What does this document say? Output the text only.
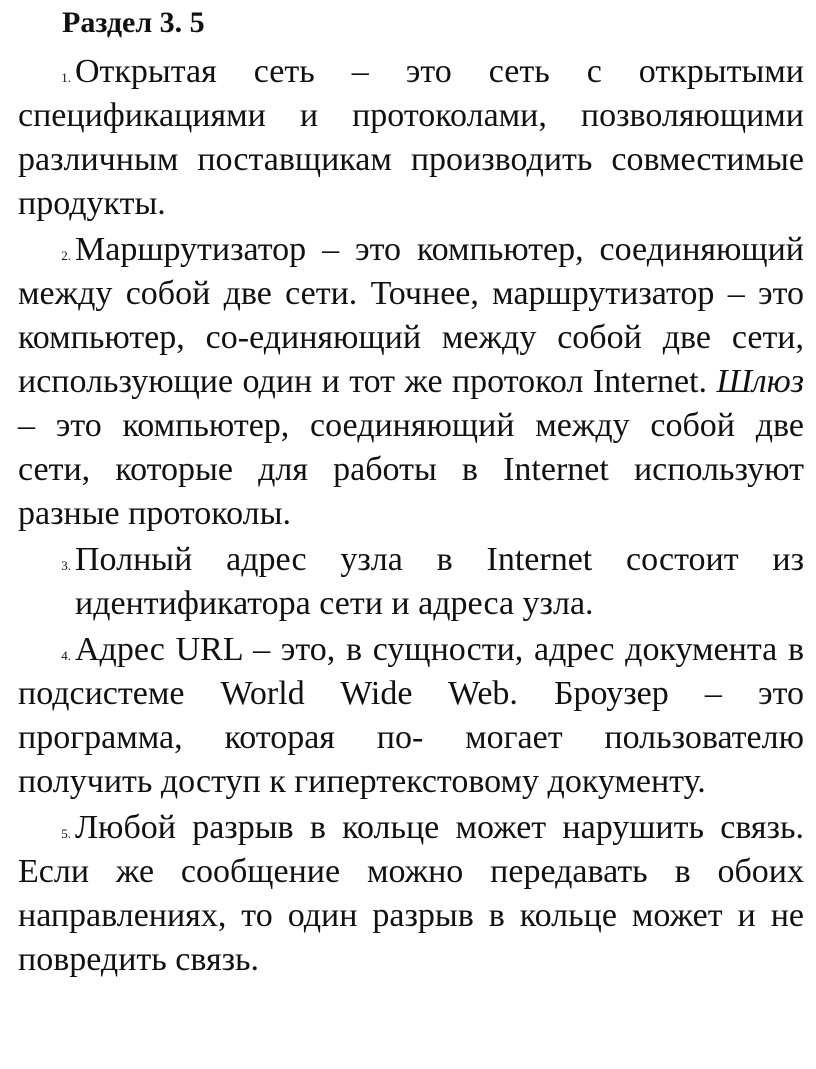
Раздел 3. 5

1. Открытая сеть – это сеть с открытыми спецификациями и протоколами, позволяющими различным поставщикам производить совместимые продукты.

2. Маршрутизатор – это компьютер, соединяющий между собой две сети. Точнее, маршрутизатор – это компьютер, со-единяющий между собой две сети, использующие один и тот же протокол Internet. Шлюз – это компьютер, соединяющий между собой две сети, которые для работы в Internet используют разные протоколы.

3. Полный адрес узла в Internet состоит из идентификатора сети и адреса узла.

4. Адрес URL – это, в сущности, адрес документа в подсистеме World Wide Web. Броузер – это программа, которая по- могает пользователю получить доступ к гипертекстовому документу.

5. Любой разрыв в кольце может нарушить связь. Если же сообщение можно передавать в обоих направлениях, то один разрыв в кольце может и не повредить связь.
